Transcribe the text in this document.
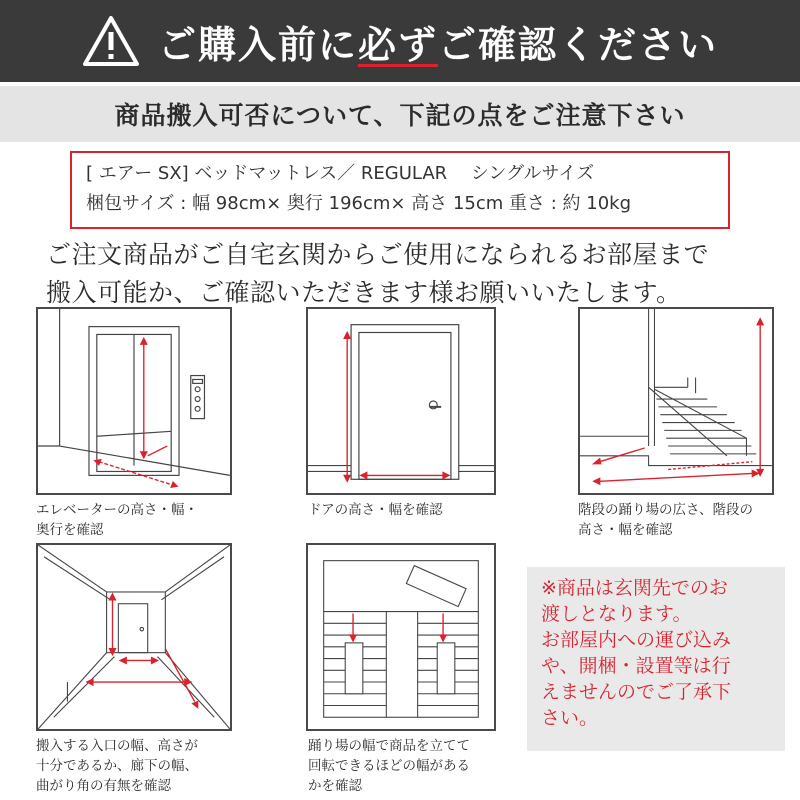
ご購入前に必ずご確認ください
商品搬入可否について、下記の点をご注意下さい
[ エアー SX] ベッドマットレス／ REGULAR　 シングルサイズ
梱包サイズ : 幅 98cm× 奥行 196cm× 高さ 15cm 重さ : 約 10kg
ご注文商品がご自宅玄関からご使用になられるお部屋まで
搬入可能か、ご確認いただきます様お願いいたします。
エレベーターの高さ・幅・
奥行を確認
ドアの高さ・幅を確認	階段の踊り場の広さ、階段の
高さ・幅を確認
搬入する入口の幅、高さが
十分であるか、廊下の幅、
曲がり角の有無を確認
踊り場の幅で商品を立てて
回転できるほどの幅がある
かを確認
※商品は玄関先でのお
渡しとなります。
お部屋内への運び込み
や、開梱・設置等は行
えませんのでご了承下
さい。
